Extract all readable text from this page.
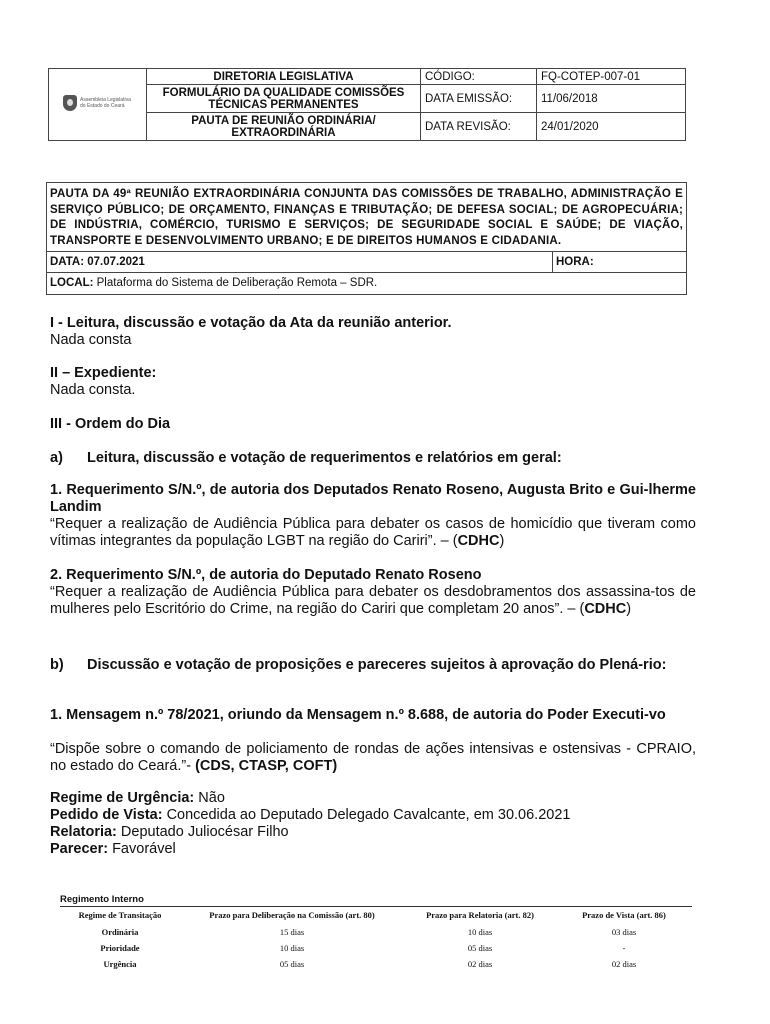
Assembleia Legislativa do Estado do Ceará	DIRETORIA LEGISLATIVA	CÓDIGO:	FQ-COTEP-007-01
	FORMULÁRIO DA QUALIDADE COMISSÕES TÉCNICAS PERMANENTES	DATA EMISSÃO:	11/06/2018
	PAUTA DE REUNIÃO ORDINÁRIA/ EXTRAORDINÁRIA	DATA REVISÃO:	24/01/2020
PAUTA DA 49ª REUNIÃO EXTRAORDINÁRIA CONJUNTA DAS COMISSÕES DE TRABALHO, ADMINISTRAÇÃO E SERVIÇO PÚBLICO; DE ORÇAMENTO, FINANÇAS E TRIBUTAÇÃO; DE DEFESA SOCIAL; DE AGROPECUÁRIA; DE INDÚSTRIA, COMÉRCIO, TURISMO E SERVIÇOS; DE SEGURIDADE SOCIAL E SAÚDE; DE VIAÇÃO, TRANSPORTE E DESENVOLVIMENTO URBANO; E DE DIREITOS HUMANOS E CIDADANIA.
DATA: 07.07.2021	HORA:
LOCAL: Plataforma do Sistema de Deliberação Remota – SDR.
I - Leitura, discussão e votação da Ata da reunião anterior.
Nada consta
II – Expediente:
Nada consta.
III - Ordem do Dia
a)	Leitura, discussão e votação de requerimentos e relatórios em geral:
1. Requerimento S/N.º, de autoria dos Deputados Renato Roseno, Augusta Brito e Gui-lherme Landim
“Requer a realização de Audiência Pública para debater os casos de homicídio que tiveram como vítimas integrantes da população LGBT na região do Cariri”. – (CDHC)
2. Requerimento S/N.º, de autoria do Deputado Renato Roseno
“Requer a realização de Audiência Pública para debater os desdobramentos dos assassina-tos de mulheres pelo Escritório do Crime, na região do Cariri que completam 20 anos”. – (CDHC)
b) Discussão e votação de proposições e pareceres sujeitos à aprovação do Plená-rio:
1. Mensagem n.º 78/2021, oriundo da Mensagem n.º 8.688, de autoria do Poder Executi-vo
“Dispõe sobre o comando de policiamento de rondas de ações intensivas e ostensivas - CPRAIO, no estado do Ceará.”- (CDS, CTASP, COFT)
Regime de Urgência: Não
Pedido de Vista: Concedida ao Deputado Delegado Cavalcante, em 30.06.2021
Relatoria: Deputado Juliocésar Filho
Parecer: Favorável
Regimento Interno
Regime de Transitação	Prazo para Deliberação na Comissão (art. 80)	Prazo para Relatoria (art. 82)	Prazo de Vista (art. 86)
Ordinária	15 dias	10 dias	03 dias
Prioridade	10 dias	05 dias	-
Urgência	05 dias	02 dias	02 dias
